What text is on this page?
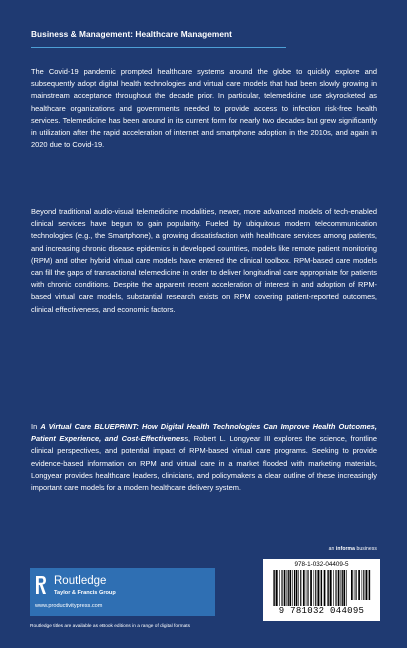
Business & Management: Healthcare Management

The Covid-19 pandemic prompted healthcare systems around the globe to quickly explore and subsequently adopt digital health technologies and virtual care models that had been slowly growing in mainstream acceptance throughout the decade prior. In particular, telemedicine use skyrocketed as healthcare organizations and governments needed to provide access to infection risk-free health services. Telemedicine has been around in its current form for nearly two decades but grew significantly in utilization after the rapid acceleration of internet and smartphone adoption in the 2010s, and again in 2020 due to Covid-19.

Beyond traditional audio-visual telemedicine modalities, newer, more advanced models of tech-enabled clinical services have begun to gain popularity. Fueled by ubiquitous modern telecommunication technologies (e.g., the Smartphone), a growing dissatisfaction with healthcare services among patients, and increasing chronic disease epidemics in developed countries, models like remote patient monitoring (RPM) and other hybrid virtual care models have entered the clinical toolbox. RPM-based care models can fill the gaps of transactional telemedicine in order to deliver longitudinal care appropriate for patients with chronic conditions. Despite the apparent recent acceleration of interest in and adoption of RPM-based virtual care models, substantial research exists on RPM covering patient-reported outcomes, clinical effectiveness, and economic factors.

In A Virtual Care BLUEPRINT: How Digital Health Technologies Can Improve Health Outcomes, Patient Experience, and Cost-Effectiveness, Robert L. Longyear III explores the science, frontline clinical perspectives, and potential impact of RPM-based virtual care programs. Seeking to provide evidence-based information on RPM and virtual care in a market flooded with marketing materials, Longyear provides healthcare leaders, clinicians, and policymakers a clear outline of these increasingly important care models for a modern healthcare delivery system.

an informa business
Routledge
Taylor & Francis Group
www.productivitypress.com
Routledge titles are available as eBook editions in a range of digital formats
978-1-032-04409-5
9 781032 044095
